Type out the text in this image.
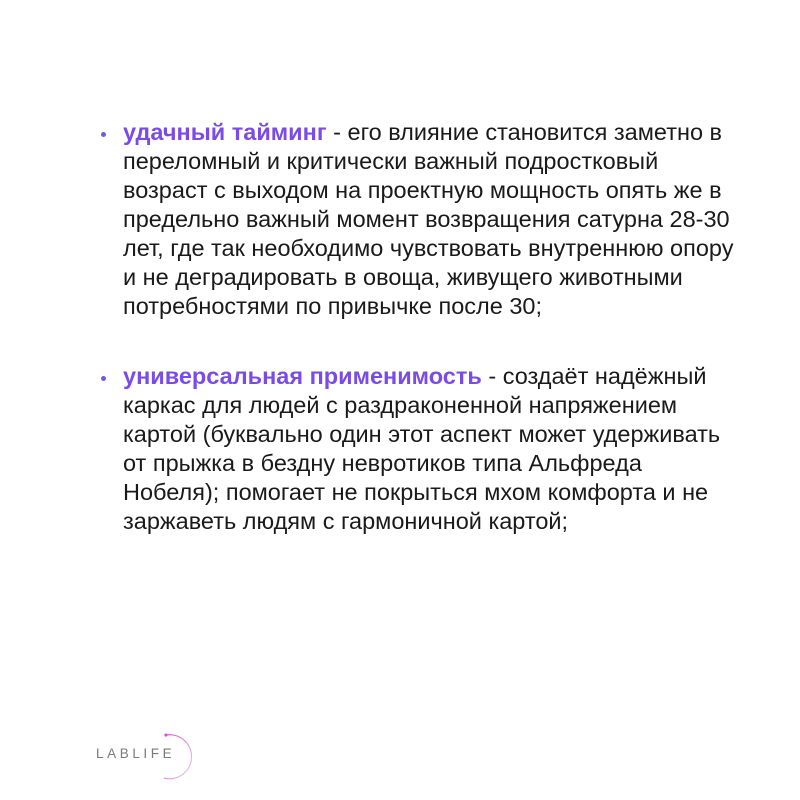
удачный тайминг - его влияние становится заметно в переломный и критически важный подростковый возраст с выходом на проектную мощность опять же в предельно важный момент возвращения сатурна 28-30 лет, где так необходимо чувствовать внутреннюю опору и не деградировать в овоща, живущего животными потребностями по привычке после 30;

универсальная применимость - создаёт надёжный каркас для людей с раздраконенной напряжением картой (буквально один этот аспект может удерживать от прыжка в бездну невротиков типа Альфреда Нобеля); помогает не покрыться мхом комфорта и не заржаветь людям с гармоничной картой;

LABLIFE
